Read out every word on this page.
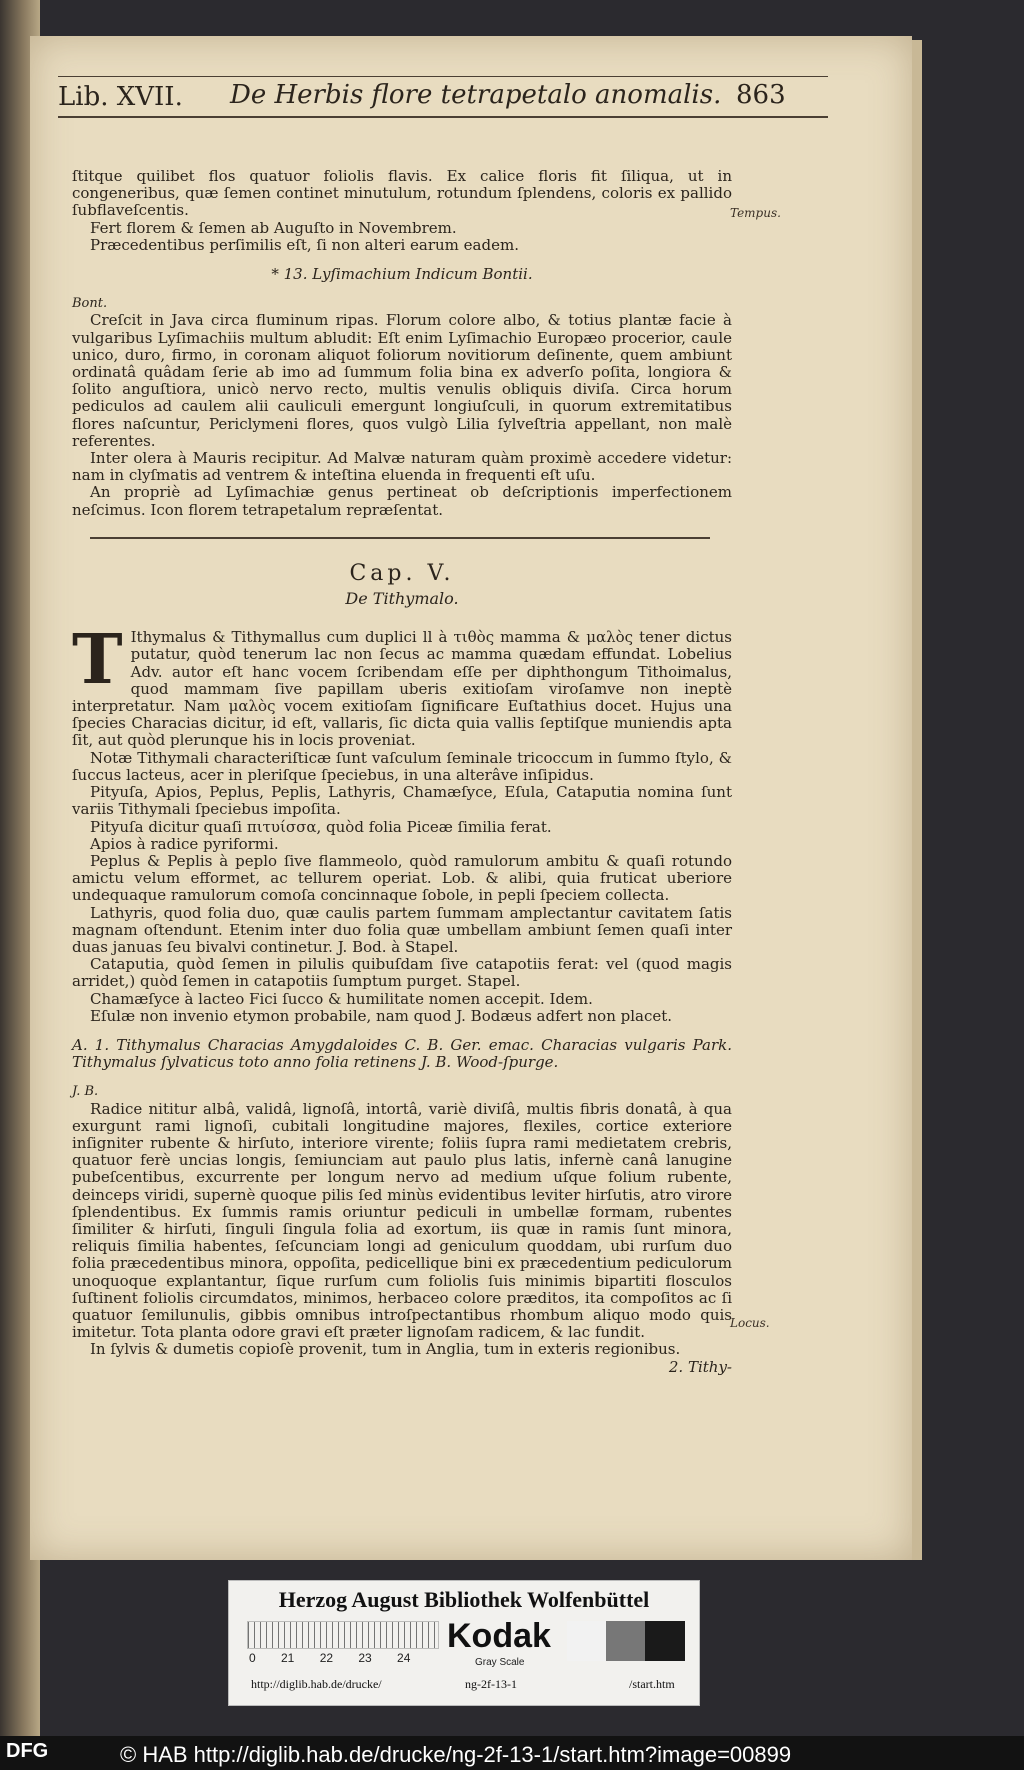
Lib. XVII. De Herbis flore tetrapetalo anomalis. 863
Tempus.
Locus.

ſtitque quilibet flos quatuor foliolis flavis. Ex calice floris fit ſiliqua, ut in congeneribus, quæ ſemen continet minutulum, rotundum ſplendens, coloris ex pallido ſubflaveſcentis.

Fert florem & ſemen ab Auguſto in Novembrem.

Præcedentibus perſimilis eſt, ſi non alteri earum eadem.

* 13. Lyſimachium Indicum Bontii.

Bont.

Creſcit in Java circa fluminum ripas. Florum colore albo, & totius plantæ facie à vulgaribus Lyſimachiis multum abludit: Eſt enim Lyſimachio Europæo procerior, caule unico, duro, firmo, in coronam aliquot foliorum novitiorum deſinente, quem ambiunt ordinatâ quâdam ſerie ab imo ad ſummum folia bina ex adverſo poſita, longiora & ſolito anguſtiora, unicò nervo recto, multis venulis obliquis diviſa. Circa horum pediculos ad caulem alii cauliculi emergunt longiuſculi, in quorum extremitatibus flores naſcuntur, Periclymeni flores, quos vulgò Lilia ſylveſtria appellant, non malè referentes.

Inter olera à Mauris recipitur. Ad Malvæ naturam quàm proximè accedere videtur: nam in clyſmatis ad ventrem & inteſtina eluenda in frequenti eſt uſu.

An propriè ad Lyſimachiæ genus pertineat ob deſcriptionis imperfectionem neſcimus. Icon florem tetrapetalum repræſentat.

Cap. V.

De Tithymalo.

T Ithymalus & Tithymallus cum duplici ll à τιθὸς mamma & μαλὸς tener dictus putatur, quòd tenerum lac non ſecus ac mamma quædam effundat. Lobelius Adv. autor eſt hanc vocem ſcribendam eſſe per diphthongum Tithoimalus, quod mammam ſive papillam uberis exitioſam viroſamve non ineptè interpretatur. Nam μαλὸς vocem exitioſam ſignificare Euſtathius docet. Hujus una ſpecies Characias dicitur, id eſt, vallaris, ſic dicta quia vallis ſeptiſque muniendis apta ſit, aut quòd plerunque his in locis proveniat.

Notæ Tithymali characteriſticæ ſunt vaſculum ſeminale tricoccum in ſummo ſtylo, & ſuccus lacteus, acer in pleriſque ſpeciebus, in una alterâve inſipidus.

Pityuſa, Apios, Peplus, Peplis, Lathyris, Chamæſyce, Eſula, Cataputia nomina ſunt variis Tithymali ſpeciebus impoſita.

Pityuſa dicitur quaſi πιτυίσσα, quòd folia Piceæ ſimilia ferat.

Apios à radice pyriformi.

Peplus & Peplis à peplo ſive flammeolo, quòd ramulorum ambitu & quaſi rotundo amictu velum efformet, ac tellurem operiat. Lob. & alibi, quia fruticat uberiore undequaque ramulorum comoſa concinnaque ſobole, in pepli ſpeciem collecta.

Lathyris, quod folia duo, quæ caulis partem ſummam amplectantur cavitatem ſatis magnam oſtendunt. Etenim inter duo folia quæ umbellam ambiunt ſemen quaſi inter duas januas ſeu bivalvi continetur. J. Bod. à Stapel.

Cataputia, quòd ſemen in pilulis quibuſdam ſive catapotiis ferat: vel (quod magis arridet,) quòd ſemen in catapotiis ſumptum purget. Stapel.

Chamæſyce à lacteo Fici ſucco & humilitate nomen accepit. Idem.

Eſulæ non invenio etymon probabile, nam quod J. Bodæus adfert non placet.

A. 1. Tithymalus Characias Amygdaloides C. B. Ger. emac. Characias vulgaris Park. Tithymalus ſylvaticus toto anno folia retinens J. B. Wood-ſpurge.

J. B.

Radice nititur albâ, validâ, lignoſâ, intortâ, variè diviſâ, multis fibris donatâ, à qua exurgunt rami lignoſi, cubitali longitudine majores, flexiles, cortice exteriore inſigniter rubente & hirſuto, interiore virente; foliis ſupra rami medietatem crebris, quatuor ferè uncias longis, ſemiunciam aut paulo plus latis, infernè canâ lanugine pubeſcentibus, excurrente per longum nervo ad medium uſque folium rubente, deinceps viridi, supernè quoque pilis ſed minùs evidentibus leviter hirſutis, atro virore ſplendentibus. Ex ſummis ramis oriuntur pediculi in umbellæ formam, rubentes ſimiliter & hirſuti, ſinguli ſingula folia ad exortum, iis quæ in ramis ſunt minora, reliquis ſimilia habentes, ſeſcunciam longi ad geniculum quoddam, ubi rurſum duo folia præcedentibus minora, oppoſita, pedicellique bini ex præcedentium pediculorum unoquoque explantantur, ſique rurſum cum foliolis ſuis minimis bipartiti flosculos ſuſtinent foliolis circumdatos, minimos, herbaceo colore præditos, ita compoſitos ac ſi quatuor ſemilunulis, gibbis omnibus introſpectantibus rhombum aliquo modo quis imitetur. Tota planta odore gravi eſt præter lignoſam radicem, & lac fundit.

In ſylvis & dumetis copioſè provenit, tum in Anglia, tum in exteris regionibus.

2. Tithy-

Herzog August Bibliothek Wolfenbüttel
0 21 22 23 24
Kodak
Gray Scale
http://diglib.hab.de/drucke/	ng-2f-13-1	/start.htm
DFG	© HAB http://diglib.hab.de/drucke/ng-2f-13-1/start.htm?image=00899
